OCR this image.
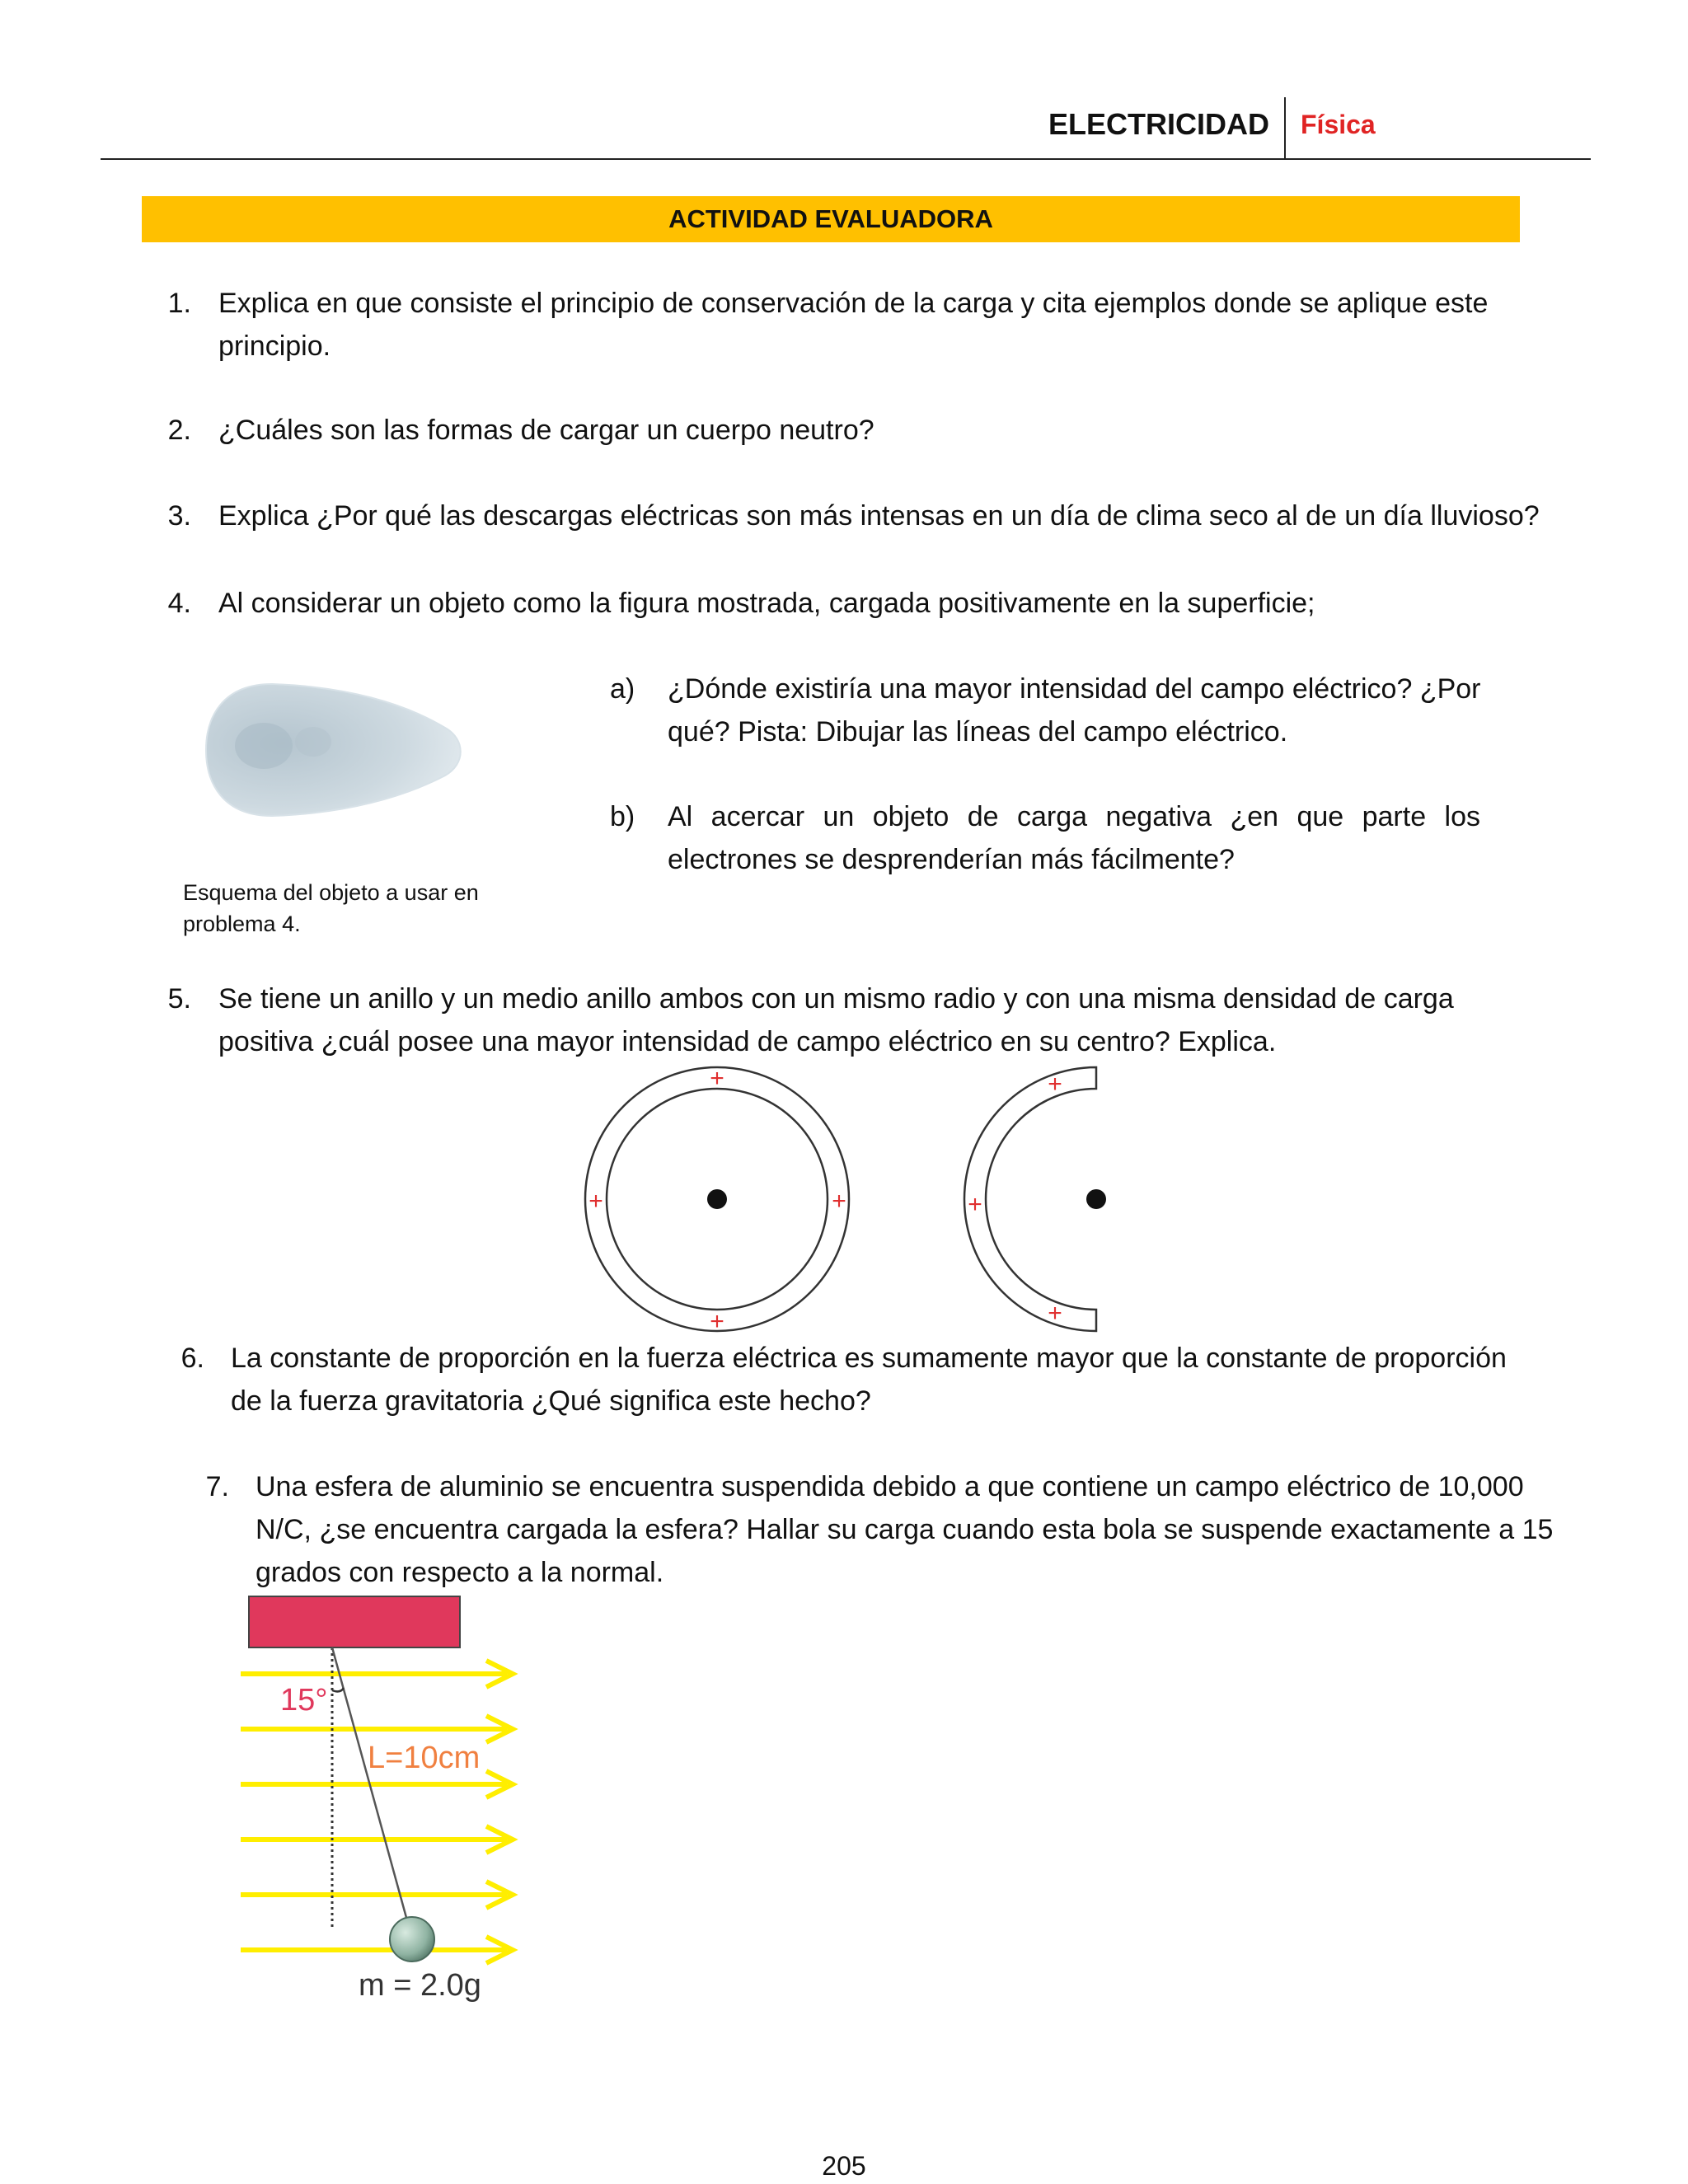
ELECTRICIDAD Física
ACTIVIDAD EVALUADORA
1. Explica en que consiste el principio de conservación de la carga y cita ejemplos donde se aplique este
principio.
2. ¿Cuáles son las formas de cargar un cuerpo neutro?
3. Explica ¿Por qué las descargas eléctricas son más intensas en un día de clima seco al de un día lluvioso?
4. Al considerar un objeto como la figura mostrada, cargada positivamente en la superficie;
Esquema del objeto a usar en
problema 4.
a) ¿Dónde existiría una mayor intensidad del campo eléctrico? ¿Por
qué? Pista: Dibujar las líneas del campo eléctrico.
b) Al acercar un objeto de carga negativa ¿en que parte los
electrones se desprenderían más fácilmente?
5. Se tiene un anillo y un medio anillo ambos con un mismo radio y con una misma densidad de carga
positiva ¿cuál posee una mayor intensidad de campo eléctrico en su centro? Explica.
+
+
+	+
+
+
+
6. La constante de proporción en la fuerza eléctrica es sumamente mayor que la constante de proporción
de la fuerza gravitatoria ¿Qué significa este hecho?
7. Una esfera de aluminio se encuentra suspendida debido a que contiene un campo eléctrico de 10,000
N/C, ¿se encuentra cargada la esfera? Hallar su carga cuando esta bola se suspende exactamente a 15
grados con respecto a la normal.
15°
L=10cm
m = 2.0g
205
